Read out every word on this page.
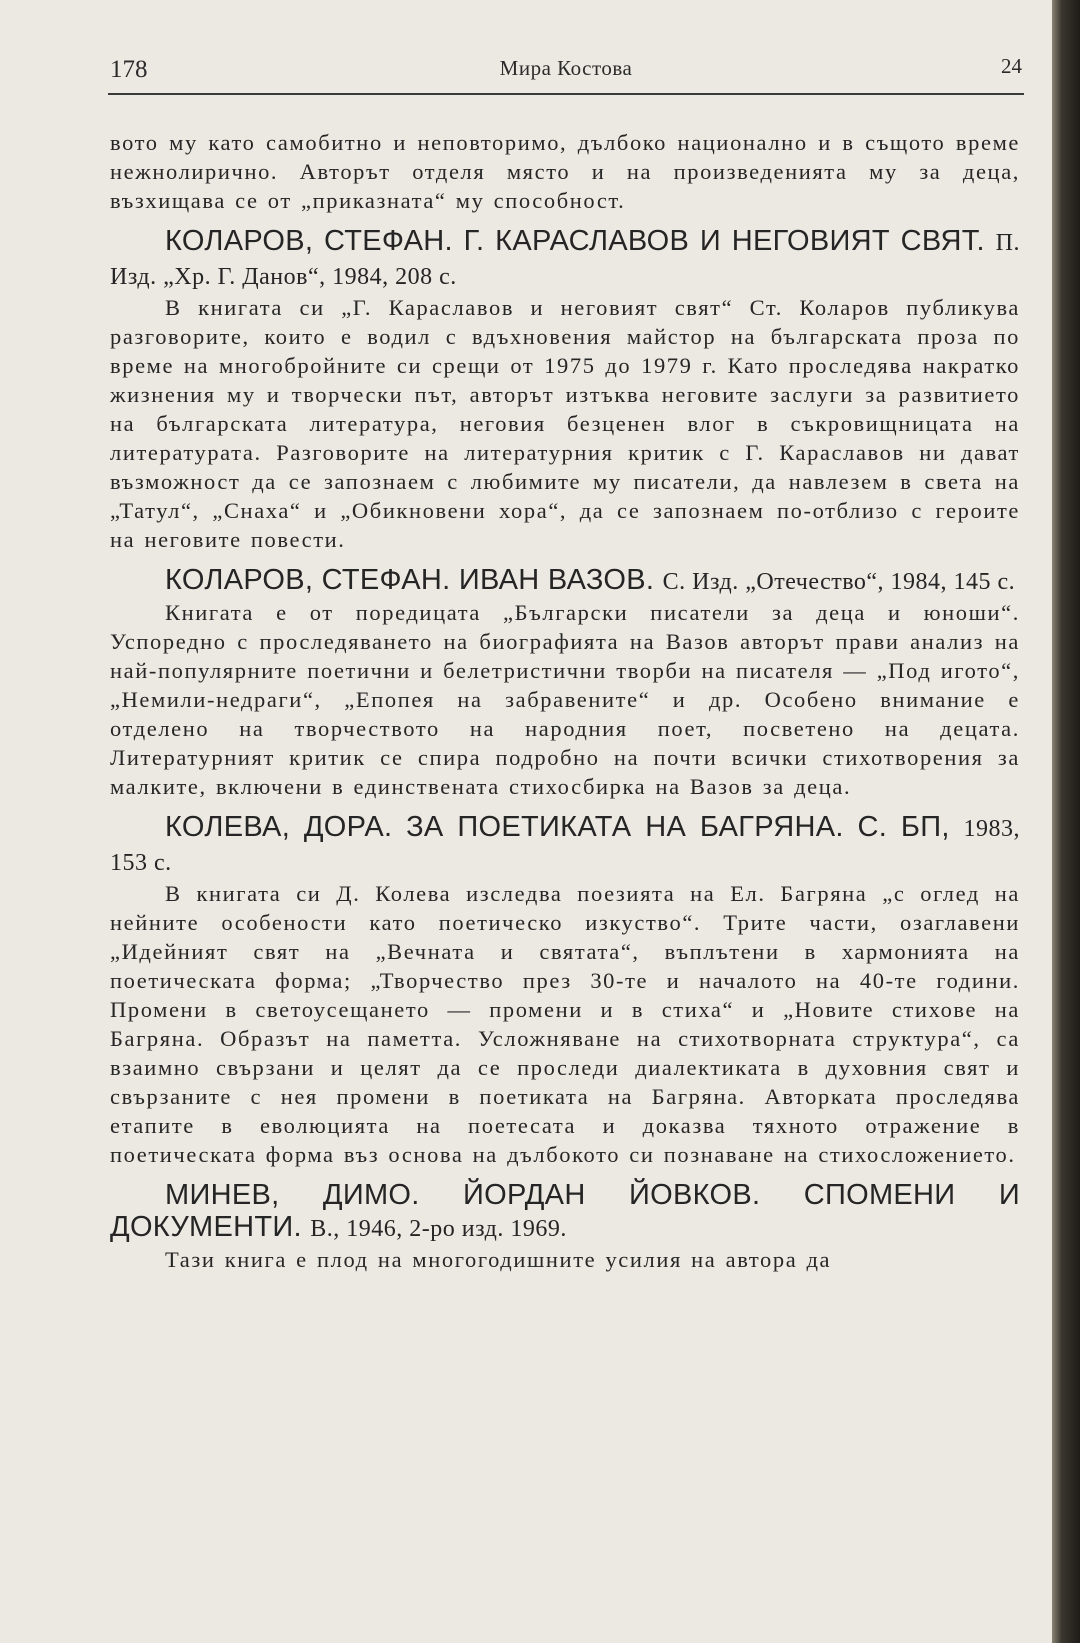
178	Мира Костова	24

вото му като самобитно и неповторимо, дълбоко национално и в същото време нежнолирично. Авторът отделя място и на произведенията му за деца, възхищава се от „приказната“ му способност.

КОЛАРОВ, СТЕФАН. Г. КАРАСЛАВОВ И НЕГОВИЯТ СВЯТ. П. Изд. „Хр. Г. Данов“, 1984, 208 с.

В книгата си „Г. Караславов и неговият свят“ Ст. Коларов публикува разговорите, които е водил с вдъхновения майстор на българската проза по време на многобройните си срещи от 1975 до 1979 г. Като проследява накратко жизнения му и творчески път, авторът изтъква неговите заслуги за развитието на българската литература, неговия безценен влог в съкровищницата на литературата. Разговорите на литературния критик с Г. Караславов ни дават възможност да се запознаем с любимите му писатели, да навлезем в света на „Татул“, „Снаха“ и „Обикновени хора“, да се запознаем по-отблизо с героите на неговите повести.

КОЛАРОВ, СТЕФАН. ИВАН ВАЗОВ. С. Изд. „Отечество“, 1984, 145 с.

Книгата е от поредицата „Български писатели за деца и юноши“. Успоредно с проследяването на биографията на Вазов авторът прави анализ на най-популярните поетични и белетристични творби на писателя — „Под игото“, „Немили-недраги“, „Епопея на забравените“ и др. Особено внимание е отделено на творчеството на народния поет, посветено на децата. Литературният критик се спира подробно на почти всички стихотворения за малките, включени в единствената стихосбирка на Вазов за деца.

КОЛЕВА, ДОРА. ЗА ПОЕТИКАТА НА БАГРЯНА. С. БП, 1983, 153 с.

В книгата си Д. Колева изследва поезията на Ел. Багряна „с оглед на нейните особености като поетическо изкуство“. Трите части, озаглавени „Идейният свят на „Вечната и святата“, въплътени в хармонията на поетическата форма; „Творчество през 30-те и началото на 40-те години. Промени в светоусещането — промени и в стиха“ и „Новите стихове на Багряна. Образът на паметта. Усложняване на стихотворната структура“, са взаимно свързани и целят да се проследи диалектиката в духовния свят и свързаните с нея промени в поетиката на Багряна. Авторката проследява етапите в еволюцията на поетесата и доказва тяхното отражение в поетическата форма въз основа на дълбокото си познаване на стихосложението.

МИНЕВ, ДИМО. ЙОРДАН ЙОВКОВ. СПОМЕНИ И ДОКУМЕНТИ. В., 1946, 2-ро изд. 1969.

Тази книга е плод на многогодишните усилия на автора да
